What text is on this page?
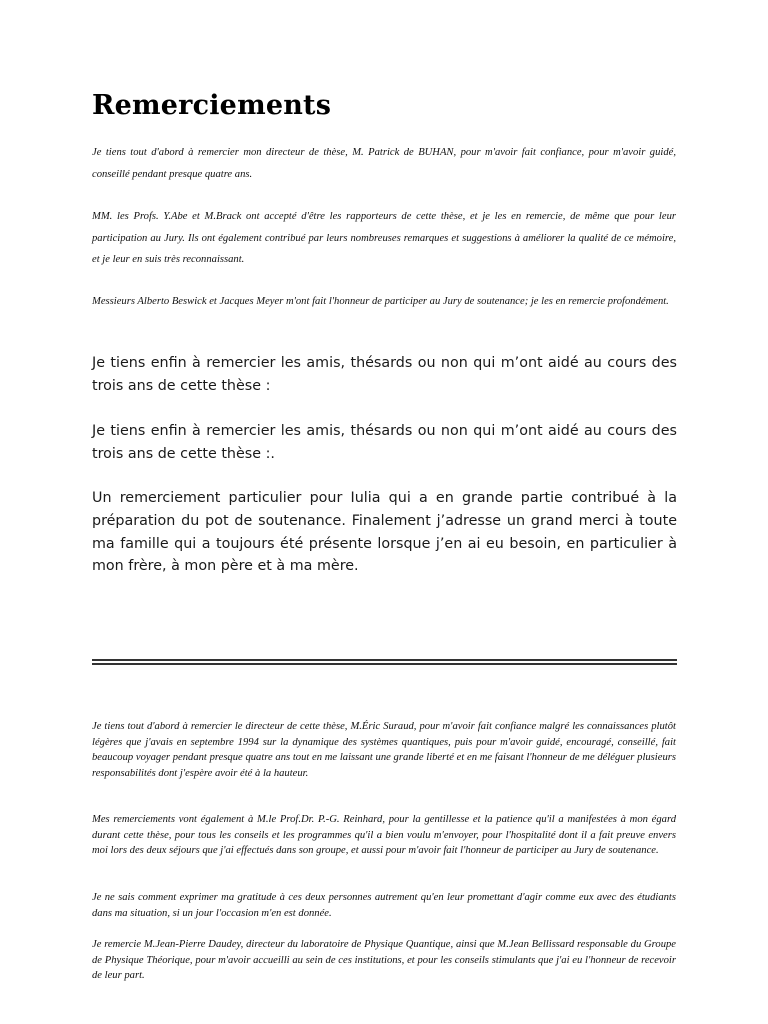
Remerciements

Je tiens tout d'abord à remercier mon directeur de thèse, M. Patrick de BUHAN, pour m'avoir fait confiance, pour m'avoir guidé, conseillé pendant presque quatre ans.

MM. les Profs. Y.Abe et M.Brack ont accepté d'être les rapporteurs de cette thèse, et je les en remercie, de même que pour leur participation au Jury. Ils ont également contribué par leurs nombreuses remarques et suggestions à améliorer la qualité de ce mémoire, et je leur en suis très reconnaissant.

Messieurs Alberto Beswick et Jacques Meyer m'ont fait l'honneur de participer au Jury de soutenance; je les en remercie profondément.

Je tiens enfin à remercier les amis, thésards ou non qui m’ont aidé au cours des trois ans de cette thèse :

Je tiens enfin à remercier les amis, thésards ou non qui m’ont aidé au cours des trois ans de cette thèse :.

Un remerciement particulier pour Iulia qui a en grande partie contribué à la préparation du pot de soutenance. Finalement j’adresse un grand merci à toute ma famille qui a toujours été présente lorsque j’en ai eu besoin, en particulier à mon frère, à mon père et à ma mère.

Je tiens tout d'abord à remercier le directeur de cette thèse, M.Éric Suraud, pour m'avoir fait confiance malgré les connaissances plutôt légères que j'avais en septembre 1994 sur la dynamique des systèmes quantiques, puis pour m'avoir guidé, encouragé, conseillé, fait beaucoup voyager pendant presque quatre ans tout en me laissant une grande liberté et en me faisant l'honneur de me déléguer plusieurs responsabilités dont j'espère avoir été à la hauteur.

Mes remerciements vont également à M.le Prof.Dr. P.-G. Reinhard, pour la gentillesse et la patience qu'il a manifestées à mon égard durant cette thèse, pour tous les conseils et les programmes qu'il a bien voulu m'envoyer, pour l'hospitalité dont il a fait preuve envers moi lors des deux séjours que j'ai effectués dans son groupe, et aussi pour m'avoir fait l'honneur de participer au Jury de soutenance.

Je ne sais comment exprimer ma gratitude à ces deux personnes autrement qu'en leur promettant d'agir comme eux avec des étudiants dans ma situation, si un jour l'occasion m'en est donnée.

Je remercie M.Jean-Pierre Daudey, directeur du laboratoire de Physique Quantique, ainsi que M.Jean Bellissard responsable du Groupe de Physique Théorique, pour m'avoir accueilli au sein de ces institutions, et pour les conseils stimulants que j'ai eu l'honneur de recevoir de leur part.
